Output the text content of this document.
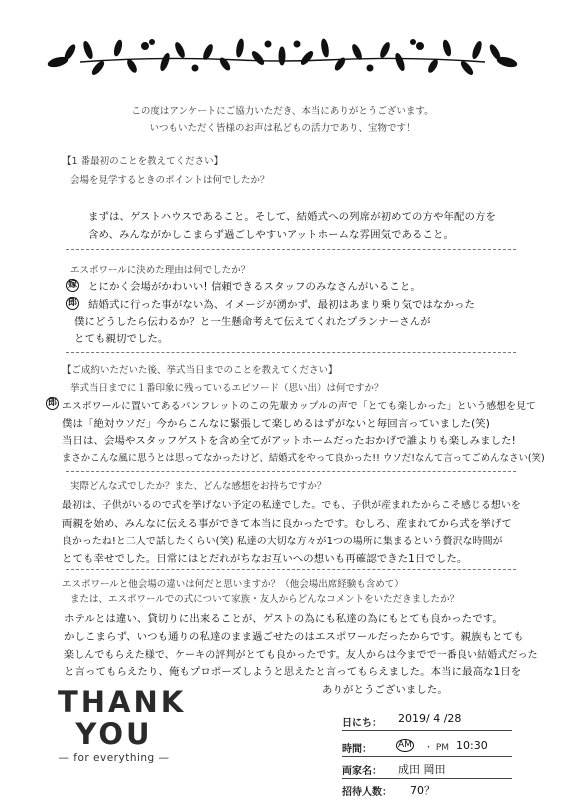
この度はアンケートにご協力いただき、本当にありがとうございます。
いつもいただく皆様のお声は私どもの活力であり、宝物です！
【1 番最初のことを教えてください】
会場を見学するときのポイントは何でしたか？
まずは、ゲストハウスであること。そして、結婚式への列席が初めての方や年配の方を
含め、みんながかしこまらず過ごしやすいアットホームな雰囲気であること。
エスポワールに決めた理由は何でしたか？
嫁
郎
とにかく会場がかわいい! 信頼できるスタッフのみなさんがいること。
結婚式に行った事がない為、イメージが湧かず、最初はあまり乗り気ではなかった
僕にどうしたら伝わるか？と一生懸命考えて伝えてくれたプランナーさんが
とても親切でした。
【ご成約いただいた後、挙式当日までのことを教えてください】
挙式当日までに１番印象に残っているエピソード（思い出）は何ですか？
郎 エスポワールに置いてあるパンフレットのこの先輩カップルの声で「とても楽しかった」という感想を見て
僕は「絶対ウソだ」今からこんなに緊張して楽しめるはずがないと毎回言っていました(笑)
当日は、会場やスタッフゲストを含め全てがアットホームだったおかげで誰よりも楽しみました!
まさかこんな風に思うとは思ってなかったけど、結婚式をやって良かった!! ウソだ!なんて言ってごめんなさい(笑)
実際どんな式でしたか？また、どんな感想をお持ちですか？
最初は、子供がいるので式を挙げない予定の私達でした。でも、子供が産まれたからこそ感じる想いを
両親を始め、みんなに伝える事ができて本当に良かったです。むしろ、産まれてから式を挙げて
良かったね!と二人で話したくらい(笑) 私達の大切な方々が1つの場所に集まるという贅沢な時間が
とても幸せでした。日常にはとだれがちなお互いへの想いも再確認できた1日でした。
エスポワールと他会場の違いは何だと思いますか？（他会場出席経験も含めて）
または、エスポワールでの式について家族・友人からどんなコメントをいただきましたか？
ホテルとは違い、貸切りに出来ることが、ゲストの為にも私達の為にもとても良かったです。
かしこまらず、いつも通りの私達のまま過ごせたのはエスポワールだったからです。親族もとても
楽しんでもらえた様で、ケーキの評判がとても良かったです。友人からは今までで一番良い結婚式だった
と言ってもらえたり、俺もプロポーズしようと思えたと言ってもらえました。本当に最高な1日を
ありがとうございました。
THANK
YOU
— for everything —
日にち： 2019/ 4 /28
時間：	AM ・ PM 10:30
両家名： 成田 岡田
招待人数： 70？
